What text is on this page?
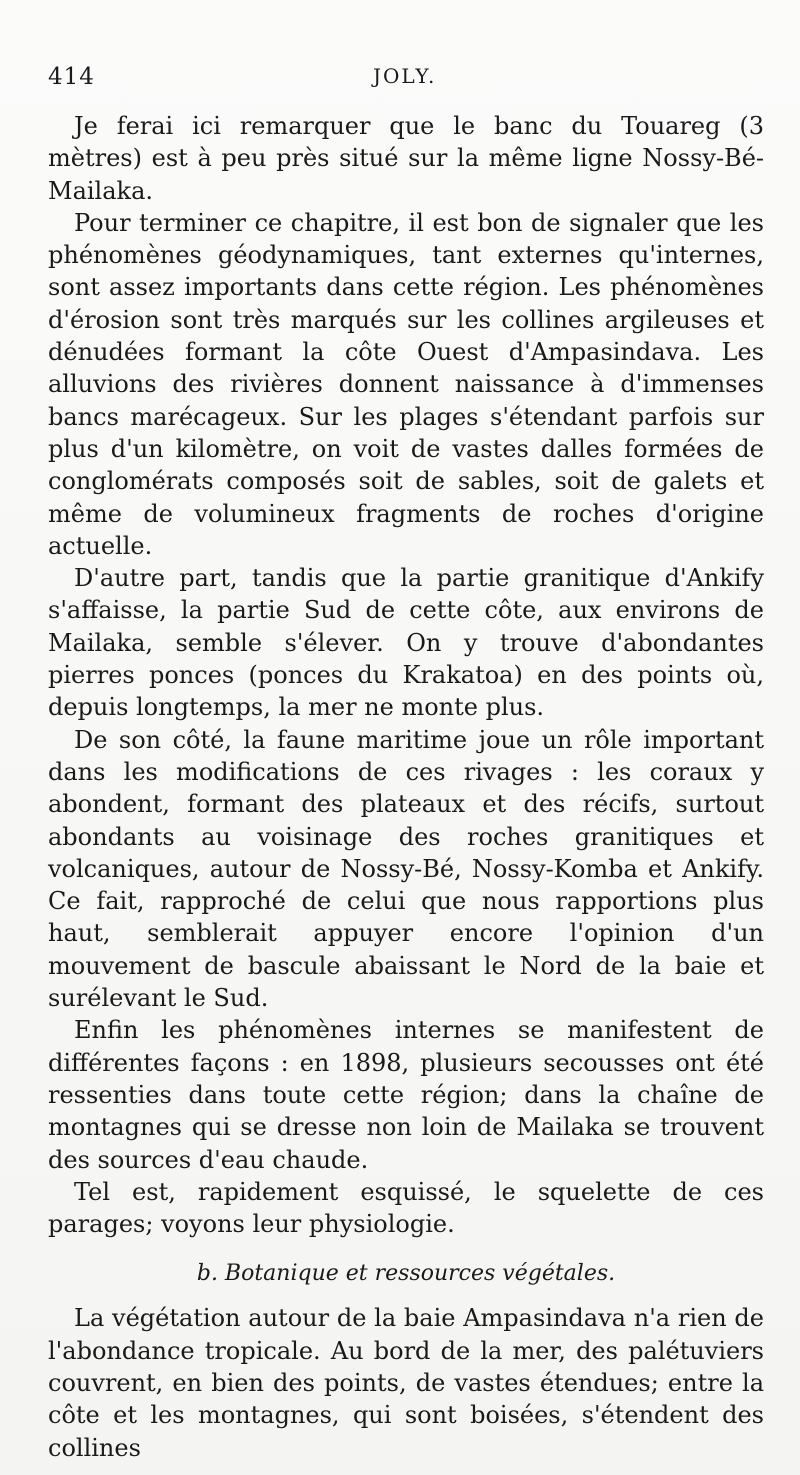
414	JOLY.

Je ferai ici remarquer que le banc du Touareg (3 mètres) est à peu près situé sur la même ligne Nossy-Bé-Mailaka.

Pour terminer ce chapitre, il est bon de signaler que les phénomènes géodynamiques, tant externes qu'internes, sont assez importants dans cette région. Les phénomènes d'érosion sont très marqués sur les collines argileuses et dénudées formant la côte Ouest d'Ampasindava. Les alluvions des rivières donnent naissance à d'immenses bancs marécageux. Sur les plages s'étendant parfois sur plus d'un kilomètre, on voit de vastes dalles formées de conglomérats composés soit de sables, soit de galets et même de volumineux fragments de roches d'origine actuelle.

D'autre part, tandis que la partie granitique d'Ankify s'affaisse, la partie Sud de cette côte, aux environs de Mailaka, semble s'élever. On y trouve d'abondantes pierres ponces (ponces du Krakatoa) en des points où, depuis longtemps, la mer ne monte plus.

De son côté, la faune maritime joue un rôle important dans les modifications de ces rivages : les coraux y abondent, formant des plateaux et des récifs, surtout abondants au voisinage des roches granitiques et volcaniques, autour de Nossy-Bé, Nossy-Komba et Ankify. Ce fait, rapproché de celui que nous rapportions plus haut, semblerait appuyer encore l'opinion d'un mouvement de bascule abaissant le Nord de la baie et surélevant le Sud.

Enfin les phénomènes internes se manifestent de différentes façons : en 1898, plusieurs secousses ont été ressenties dans toute cette région; dans la chaîne de montagnes qui se dresse non loin de Mailaka se trouvent des sources d'eau chaude.

Tel est, rapidement esquissé, le squelette de ces parages; voyons leur physiologie.

b. Botanique et ressources végétales.

La végétation autour de la baie Ampasindava n'a rien de l'abondance tropicale. Au bord de la mer, des palétuviers couvrent, en bien des points, de vastes étendues; entre la côte et les montagnes, qui sont boisées, s'étendent des collines
